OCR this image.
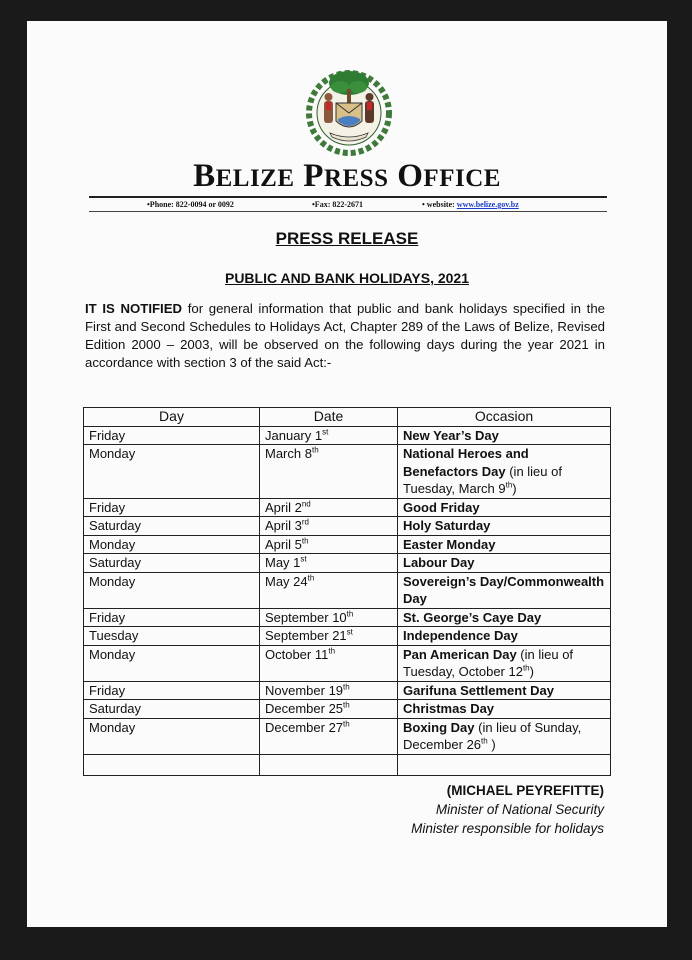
BELIZE PRESS OFFICE
•Phone: 822-0094 or 0092	•Fax: 822-2671	• website: www.belize.gov.bz
PRESS RELEASE
PUBLIC AND BANK HOLIDAYS, 2021
IT IS NOTIFIED for general information that public and bank holidays specified in the First and Second Schedules to Holidays Act, Chapter 289 of the Laws of Belize, Revised Edition 2000 – 2003, will be observed on the following days during the year 2021 in accordance with section 3 of the said Act:-
Day	Date	Occasion
Friday	January 1st	New Year’s Day
Monday	March 8th	National Heroes and Benefactors Day (in lieu of Tuesday, March 9th)
Friday	April 2nd	Good Friday
Saturday	April 3rd	Holy Saturday
Monday	April 5th	Easter Monday
Saturday	May 1st	Labour Day
Monday	May 24th	Sovereign’s Day/Commonwealth Day
Friday	September 10th	St. George’s Caye Day
Tuesday	September 21st	Independence Day
Monday	October 11th	Pan American Day (in lieu of Tuesday, October 12th)
Friday	November 19th	Garifuna Settlement Day
Saturday	December 25th	Christmas Day
Monday	December 27th	Boxing Day (in lieu of Sunday, December 26th )

(MICHAEL PEYREFITTE)
Minister of National Security
Minister responsible for holidays
